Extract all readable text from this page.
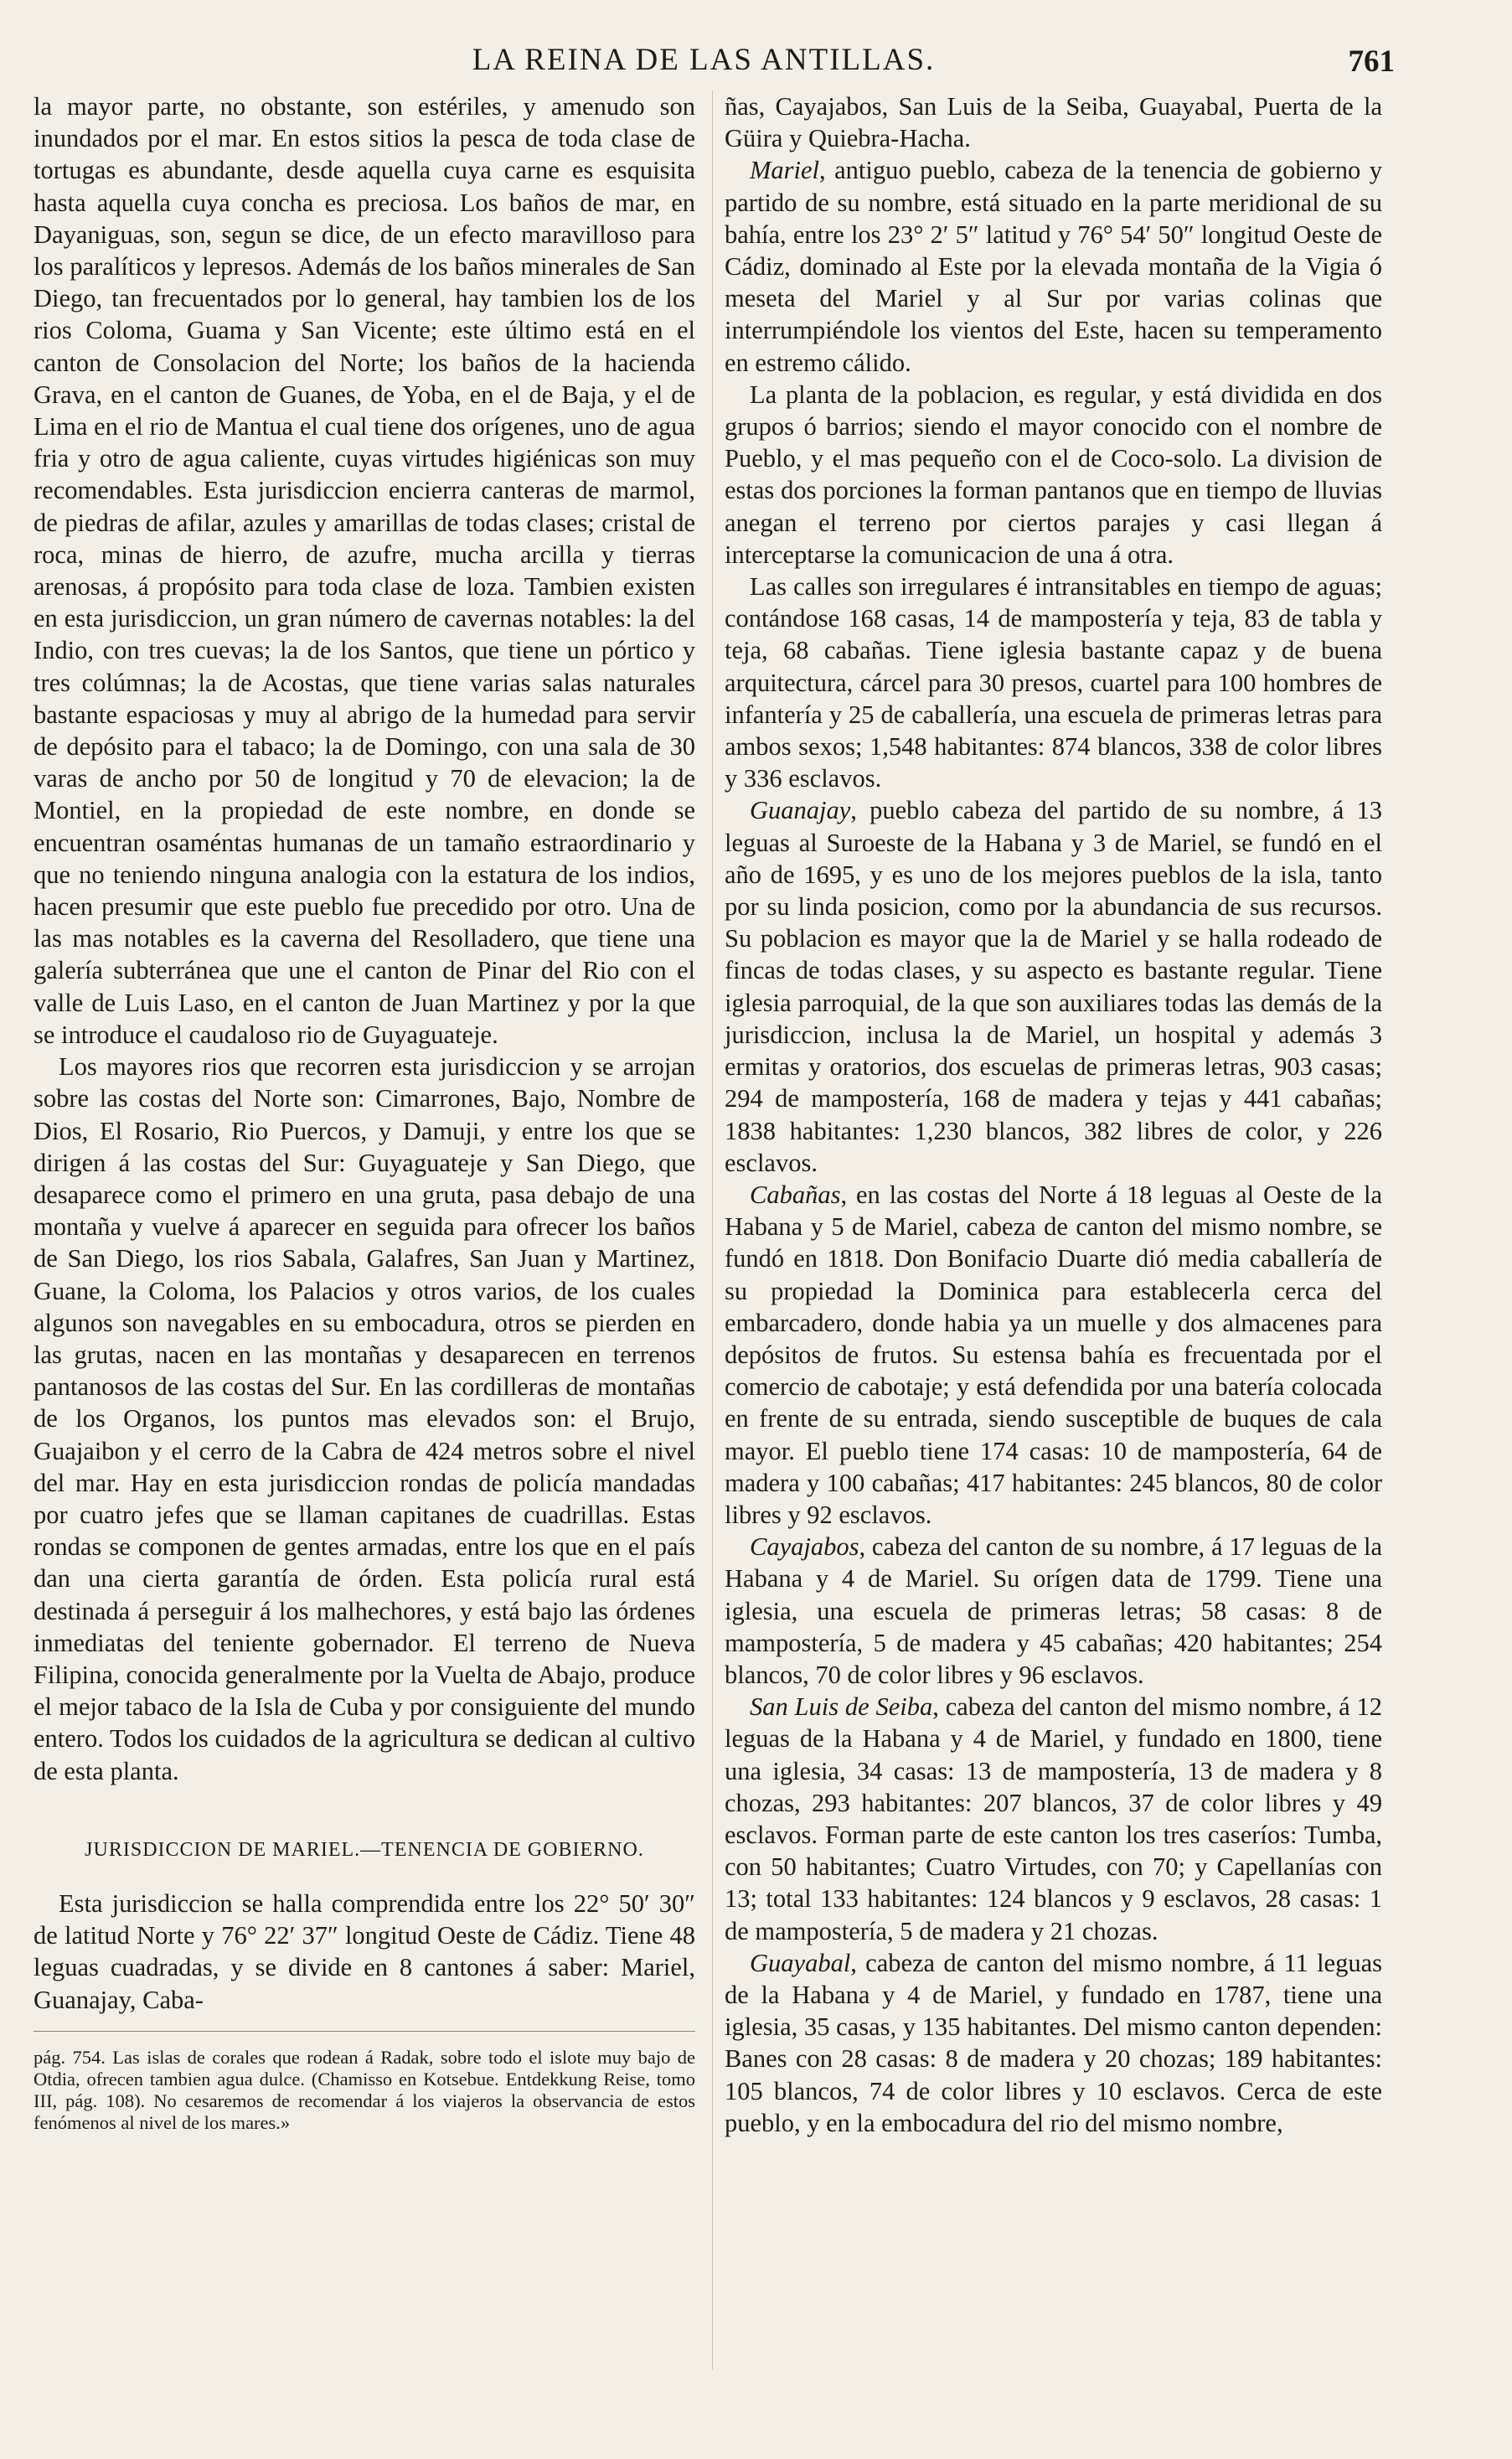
LA REINA DE LAS ANTILLAS.	761

la mayor parte, no obstante, son estériles, y amenudo son inundados por el mar. En estos sitios la pesca de toda clase de tortugas es abundante, desde aquella cuya carne es esquisita hasta aquella cuya concha es preciosa. Los baños de mar, en Dayaniguas, son, segun se dice, de un efecto maravilloso para los paralíticos y lepresos. Además de los baños minerales de San Diego, tan frecuentados por lo general, hay tambien los de los rios Coloma, Guama y San Vicente; este último está en el canton de Consolacion del Norte; los baños de la hacienda Grava, en el canton de Guanes, de Yoba, en el de Baja, y el de Lima en el rio de Mantua el cual tiene dos orígenes, uno de agua fria y otro de agua caliente, cuyas virtudes higiénicas son muy recomendables. Esta jurisdiccion encierra canteras de marmol, de piedras de afilar, azules y amarillas de todas clases; cristal de roca, minas de hierro, de azufre, mucha arcilla y tierras arenosas, á propósito para toda clase de loza. Tambien existen en esta jurisdiccion, un gran número de cavernas notables: la del Indio, con tres cuevas; la de los Santos, que tiene un pórtico y tres colúmnas; la de Acostas, que tiene varias salas naturales bastante espaciosas y muy al abrigo de la humedad para servir de depósito para el tabaco; la de Domingo, con una sala de 30 varas de ancho por 50 de longitud y 70 de elevacion; la de Montiel, en la propiedad de este nombre, en donde se encuentran osaméntas humanas de un tamaño estraordinario y que no teniendo ninguna analogia con la estatura de los indios, hacen presumir que este pueblo fue precedido por otro. Una de las mas notables es la caverna del Resolladero, que tiene una galería subterránea que une el canton de Pinar del Rio con el valle de Luis Laso, en el canton de Juan Martinez y por la que se introduce el caudaloso rio de Guyaguateje.

Los mayores rios que recorren esta jurisdiccion y se arrojan sobre las costas del Norte son: Cimarrones, Bajo, Nombre de Dios, El Rosario, Rio Puercos, y Damuji, y entre los que se dirigen á las costas del Sur: Guyaguateje y San Diego, que desaparece como el primero en una gruta, pasa debajo de una montaña y vuelve á aparecer en seguida para ofrecer los baños de San Diego, los rios Sabala, Galafres, San Juan y Martinez, Guane, la Coloma, los Palacios y otros varios, de los cuales algunos son navegables en su embocadura, otros se pierden en las grutas, nacen en las montañas y desaparecen en terrenos pantanosos de las costas del Sur. En las cordilleras de montañas de los Organos, los puntos mas elevados son: el Brujo, Guajaibon y el cerro de la Cabra de 424 metros sobre el nivel del mar. Hay en esta jurisdiccion rondas de policía mandadas por cuatro jefes que se llaman capitanes de cuadrillas. Estas rondas se componen de gentes armadas, entre los que en el país dan una cierta garantía de órden. Esta policía rural está destinada á perseguir á los malhechores, y está bajo las órdenes inmediatas del teniente gobernador. El terreno de Nueva Filipina, conocida generalmente por la Vuelta de Abajo, produce el mejor tabaco de la Isla de Cuba y por consiguiente del mundo entero. Todos los cuidados de la agricultura se dedican al cultivo de esta planta.

JURISDICCION DE MARIEL.—TENENCIA DE GOBIERNO.

Esta jurisdiccion se halla comprendida entre los 22° 50′ 30″ de latitud Norte y 76° 22′ 37″ longitud Oeste de Cádiz. Tiene 48 leguas cuadradas, y se divide en 8 cantones á saber: Mariel, Guanajay, Caba-

pág. 754. Las islas de corales que rodean á Radak, sobre todo el islote muy bajo de Otdia, ofrecen tambien agua dulce. (Chamisso en Kotsebue. Entdekkung Reise, tomo III, pág. 108). No cesaremos de recomendar á los viajeros la observancia de estos fenómenos al nivel de los mares.»

ñas, Cayajabos, San Luis de la Seiba, Guayabal, Puerta de la Güira y Quiebra-Hacha.

Mariel, antiguo pueblo, cabeza de la tenencia de gobierno y partido de su nombre, está situado en la parte meridional de su bahía, entre los 23° 2′ 5″ latitud y 76° 54′ 50″ longitud Oeste de Cádiz, dominado al Este por la elevada montaña de la Vigia ó meseta del Mariel y al Sur por varias colinas que interrumpiéndole los vientos del Este, hacen su temperamento en estremo cálido.

La planta de la poblacion, es regular, y está dividida en dos grupos ó barrios; siendo el mayor conocido con el nombre de Pueblo, y el mas pequeño con el de Coco-solo. La division de estas dos porciones la forman pantanos que en tiempo de lluvias anegan el terreno por ciertos parajes y casi llegan á interceptarse la comunicacion de una á otra.

Las calles son irregulares é intransitables en tiempo de aguas; contándose 168 casas, 14 de mampostería y teja, 83 de tabla y teja, 68 cabañas. Tiene iglesia bastante capaz y de buena arquitectura, cárcel para 30 presos, cuartel para 100 hombres de infantería y 25 de caballería, una escuela de primeras letras para ambos sexos; 1,548 habitantes: 874 blancos, 338 de color libres y 336 esclavos.

Guanajay, pueblo cabeza del partido de su nombre, á 13 leguas al Suroeste de la Habana y 3 de Mariel, se fundó en el año de 1695, y es uno de los mejores pueblos de la isla, tanto por su linda posicion, como por la abundancia de sus recursos. Su poblacion es mayor que la de Mariel y se halla rodeado de fincas de todas clases, y su aspecto es bastante regular. Tiene iglesia parroquial, de la que son auxiliares todas las demás de la jurisdiccion, inclusa la de Mariel, un hospital y además 3 ermitas y oratorios, dos escuelas de primeras letras, 903 casas; 294 de mampostería, 168 de madera y tejas y 441 cabañas; 1838 habitantes: 1,230 blancos, 382 libres de color, y 226 esclavos.

Cabañas, en las costas del Norte á 18 leguas al Oeste de la Habana y 5 de Mariel, cabeza de canton del mismo nombre, se fundó en 1818. Don Bonifacio Duarte dió media caballería de su propiedad la Dominica para establecerla cerca del embarcadero, donde habia ya un muelle y dos almacenes para depósitos de frutos. Su estensa bahía es frecuentada por el comercio de cabotaje; y está defendida por una batería colocada en frente de su entrada, siendo susceptible de buques de cala mayor. El pueblo tiene 174 casas: 10 de mampostería, 64 de madera y 100 cabañas; 417 habitantes: 245 blancos, 80 de color libres y 92 esclavos.

Cayajabos, cabeza del canton de su nombre, á 17 leguas de la Habana y 4 de Mariel. Su orígen data de 1799. Tiene una iglesia, una escuela de primeras letras; 58 casas: 8 de mampostería, 5 de madera y 45 cabañas; 420 habitantes; 254 blancos, 70 de color libres y 96 esclavos.

San Luis de Seiba, cabeza del canton del mismo nombre, á 12 leguas de la Habana y 4 de Mariel, y fundado en 1800, tiene una iglesia, 34 casas: 13 de mampostería, 13 de madera y 8 chozas, 293 habitantes: 207 blancos, 37 de color libres y 49 esclavos. Forman parte de este canton los tres caseríos: Tumba, con 50 habitantes; Cuatro Virtudes, con 70; y Capellanías con 13; total 133 habitantes: 124 blancos y 9 esclavos, 28 casas: 1 de mampostería, 5 de madera y 21 chozas.

Guayabal, cabeza de canton del mismo nombre, á 11 leguas de la Habana y 4 de Mariel, y fundado en 1787, tiene una iglesia, 35 casas, y 135 habitantes. Del mismo canton dependen: Banes con 28 casas: 8 de madera y 20 chozas; 189 habitantes: 105 blancos, 74 de color libres y 10 esclavos. Cerca de este pueblo, y en la embocadura del rio del mismo nombre,
